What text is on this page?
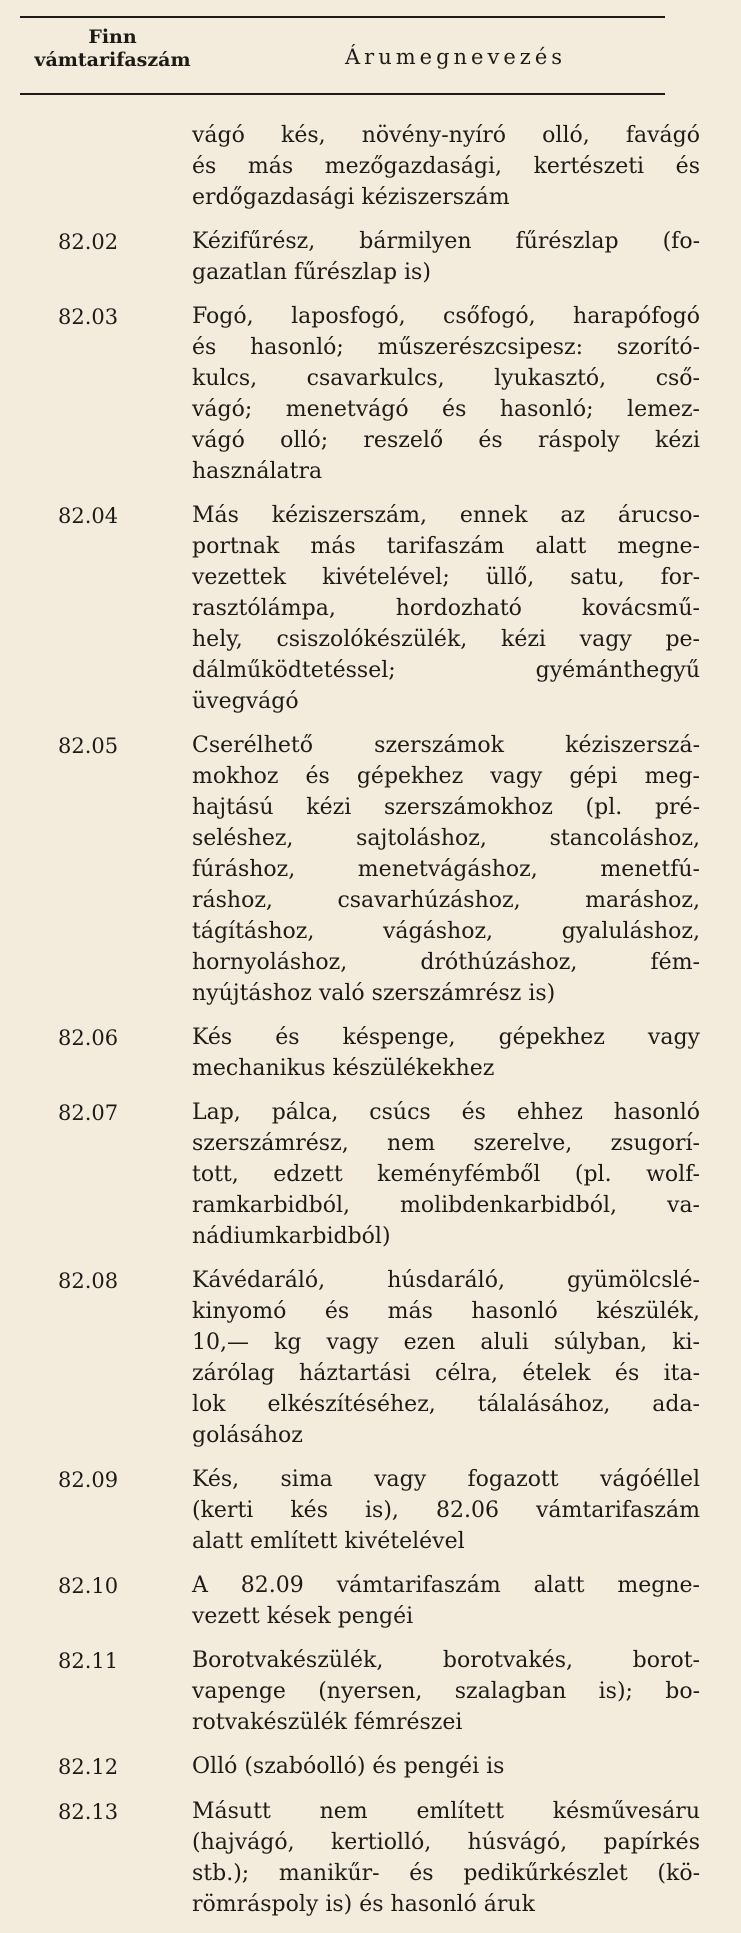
Finn
vámtarifaszám	Árumegnevezés
vágó kés, növény-nyíró olló, favágó
és más mezőgazdasági, kertészeti és
erdőgazdasági kéziszerszám
82.02	Kézifűrész, bármilyen fűrészlap (fo-
gazatlan fűrészlap is)
82.03	Fogó, laposfogó, csőfogó, harapófogó
és hasonló; műszerészcsipesz: szorító-
kulcs, csavarkulcs, lyukasztó, cső-
vágó; menetvágó és hasonló; lemez-
vágó olló; reszelő és ráspoly kézi
használatra
82.04	Más kéziszerszám, ennek az árucso-
portnak más tarifaszám alatt megne-
vezettek kivételével; üllő, satu, for-
rasztólámpa, hordozható kovácsmű-
hely, csiszolókészülék, kézi vagy pe-
dálműködtetéssel; gyémánthegyű
üvegvágó
82.05	Cserélhető szerszámok kéziszerszá-
mokhoz és gépekhez vagy gépi meg-
hajtású kézi szerszámokhoz (pl. pré-
seléshez, sajtoláshoz, stancoláshoz,
fúráshoz, menetvágáshoz, menetfú-
ráshoz, csavarhúzáshoz, maráshoz,
tágításhoz, vágáshoz, gyaluláshoz,
hornyoláshoz, dróthúzáshoz, fém-
nyújtáshoz való szerszámrész is)
82.06	Kés és késpenge, gépekhez vagy
mechanikus készülékekhez
82.07	Lap, pálca, csúcs és ehhez hasonló
szerszámrész, nem szerelve, zsugorí-
tott, edzett keményfémből (pl. wolf-
ramkarbidból, molibdenkarbidból, va-
nádiumkarbidból)
82.08	Kávédaráló, húsdaráló, gyümölcslé-
kinyomó és más hasonló készülék,
10,— kg vagy ezen aluli súlyban, ki-
zárólag háztartási célra, ételek és ita-
lok elkészítéséhez, tálalásához, ada-
golásához
82.09	Kés, sima vagy fogazott vágóéllel
(kerti kés is), 82.06 vámtarifaszám
alatt említett kivételével
82.10	A 82.09 vámtarifaszám alatt megne-
vezett kések pengéi
82.11	Borotvakészülék, borotvakés, borot-
vapenge (nyersen, szalagban is); bo-
rotvakészülék fémrészei
82.12	Olló (szabóolló) és pengéi is
82.13	Másutt nem említett késművesáru
(hajvágó, kertiolló, húsvágó, papírkés
stb.); manikűr- és pedikűrkészlet (kö-
römráspoly is) és hasonló áruk
